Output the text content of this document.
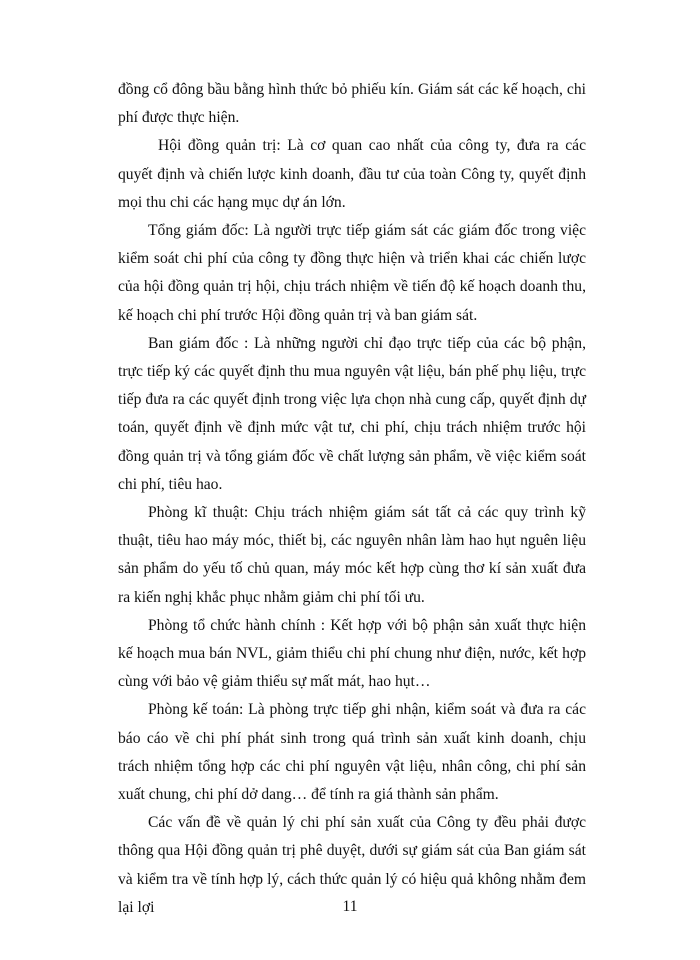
đồng cổ đông bầu bằng hình thức bỏ phiếu kín. Giám sát các kế hoạch, chi phí được thực hiện.

Hội đồng quản trị: Là cơ quan cao nhất của công ty, đưa ra các quyết định và chiến lược kinh doanh, đầu tư của toàn Công ty, quyết định mọi thu chi các hạng mục dự án lớn.

Tổng giám đốc: Là người trực tiếp giám sát các giám đốc trong việc kiểm soát chi phí của công ty đồng thực hiện và triển khai các chiến lược của hội đồng quản trị hội, chịu trách nhiệm về tiến độ kế hoạch doanh thu, kế hoạch chi phí trước Hội đồng quản trị và ban giám sát.

Ban giám đốc : Là những người chỉ đạo trực tiếp của các bộ phận, trực tiếp ký các quyết định thu mua nguyên vật liệu, bán phế phụ liệu, trực tiếp đưa ra các quyết định trong việc lựa chọn nhà cung cấp, quyết định dự toán, quyết định về định mức vật tư, chi phí, chịu trách nhiệm trước hội đồng quản trị và tổng giám đốc về chất lượng sản phẩm, về việc kiểm soát chi phí, tiêu hao.

Phòng kĩ thuật: Chịu trách nhiệm giám sát tất cả các quy trình kỹ thuật, tiêu hao máy móc, thiết bị, các nguyên nhân làm hao hụt nguên liệu sản phẩm do yếu tố chủ quan, máy móc kết hợp cùng thơ kí sản xuất đưa ra kiến nghị khắc phục nhằm giảm chi phí tối ưu.

Phòng tổ chức hành chính : Kết hợp với bộ phận sản xuất thực hiện kế hoạch mua bán NVL, giảm thiểu chi phí chung như điện, nước, kết hợp cùng với bảo vệ giảm thiểu sự mất mát, hao hụt…

Phòng kế toán: Là phòng trực tiếp ghi nhận, kiểm soát và đưa ra các báo cáo về chi phí phát sinh trong quá trình sản xuất kinh doanh, chịu trách nhiệm tổng hợp các chi phí nguyên vật liệu, nhân công, chi phí sản xuất chung, chi phí dở dang… để tính ra giá thành sản phẩm.

Các vấn đề về quản lý chi phí sản xuất của Công ty đều phải được thông qua Hội đồng quản trị phê duyệt, dưới sự giám sát của Ban giám sát và kiểm tra về tính hợp lý, cách thức quản lý có hiệu quả không nhằm đem lại lợi	11
